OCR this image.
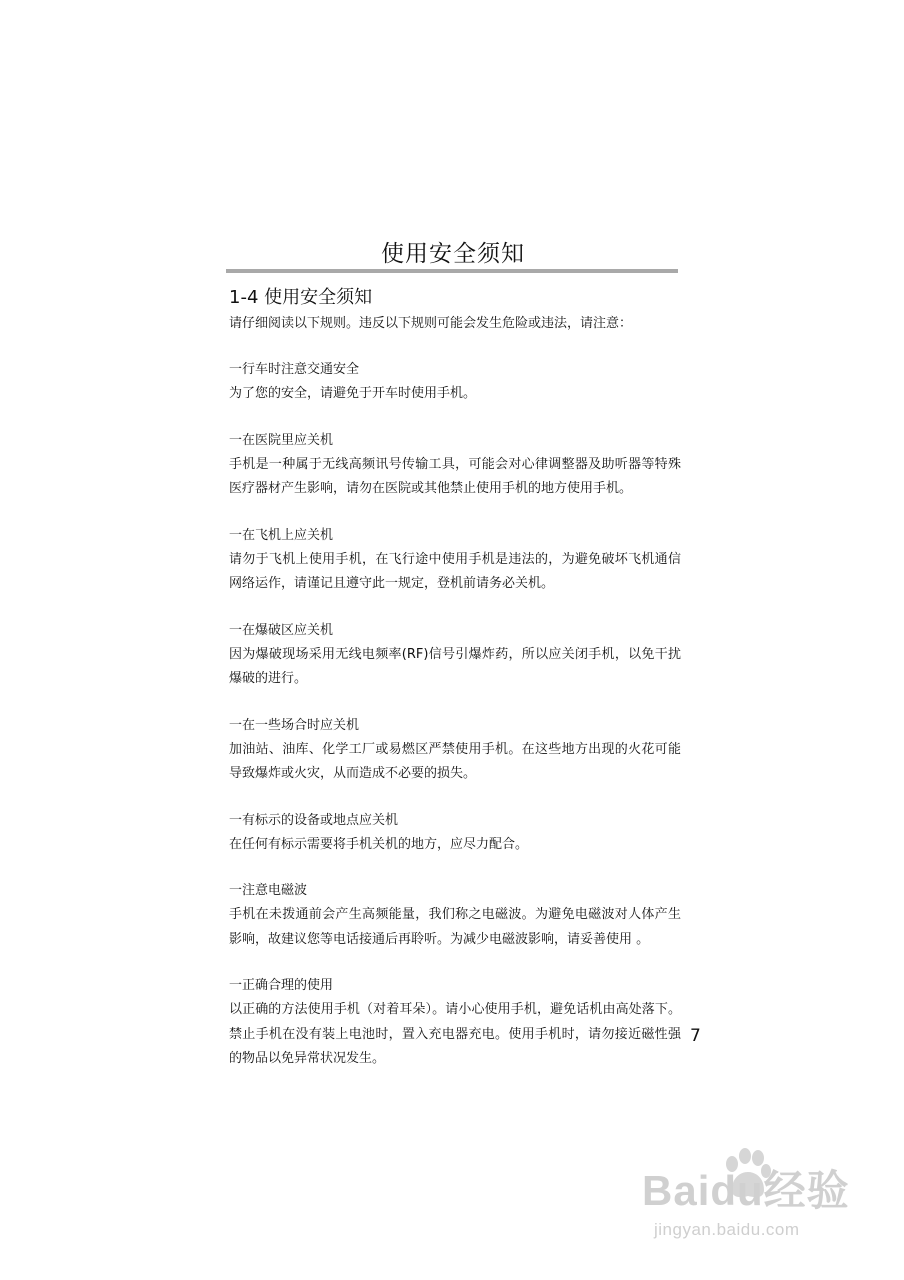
使用安全须知
1-4 使用安全须知

请仔细阅读以下规则。违反以下规则可能会发生危险或违法，请注意：

一行车时注意交通安全

为了您的安全，请避免于开车时使用手机。

一在医院里应关机

手机是一种属于无线高频讯号传输工具，可能会对心律调整器及助听器等特殊医疗器材产生影响，请勿在医院或其他禁止使用手机的地方使用手机。

一在飞机上应关机

请勿于飞机上使用手机，在飞行途中使用手机是违法的，为避免破坏飞机通信网络运作，请谨记且遵守此一规定，登机前请务必关机。

一在爆破区应关机

因为爆破现场采用无线电频率(RF)信号引爆炸药，所以应关闭手机，以免干扰爆破的进行。

一在一些场合时应关机

加油站、油库、化学工厂或易燃区严禁使用手机。在这些地方出现的火花可能导致爆炸或火灾，从而造成不必要的损失。

一有标示的设备或地点应关机

在任何有标示需要将手机关机的地方，应尽力配合。

一注意电磁波

手机在未拨通前会产生高频能量，我们称之电磁波。为避免电磁波对人体产生影响，故建议您等电话接通后再聆听。为减少电磁波影响，请妥善使用 。

一正确合理的使用

以正确的方法使用手机（对着耳朵）。请小心使用手机，避免话机由高处落下。禁止手机在没有装上电池时，置入充电器充电。使用手机时，请勿接近磁性强的物品以免异常状况发生。

7
Baidu经验
jingyan.baidu.com
